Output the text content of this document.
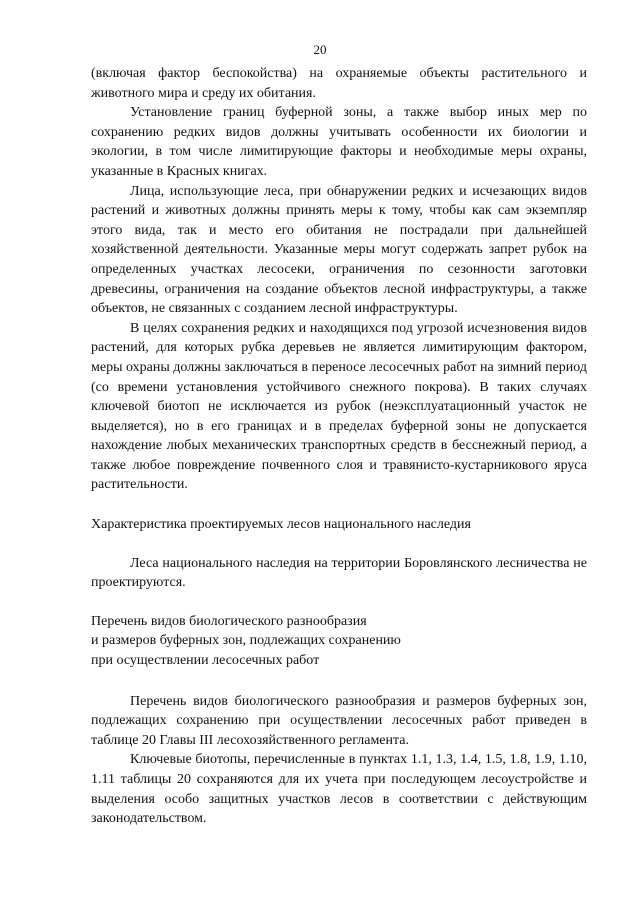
20

(включая фактор беспокойства) на охраняемые объекты растительного и животного мира и среду их обитания.

Установление границ буферной зоны, а также выбор иных мер по сохранению редких видов должны учитывать особенности их биологии и экологии, в том числе лимитирующие факторы и необходимые меры охраны, указанные в Красных книгах.

Лица, использующие леса, при обнаружении редких и исчезающих видов растений и животных должны принять меры к тому, чтобы как сам экземпляр этого вида, так и место его обитания не пострадали при дальнейшей хозяйственной деятельности. Указанные меры могут содержать запрет рубок на определенных участках лесосеки, ограничения по сезонности заготовки древесины, ограничения на создание объектов лесной инфраструктуры, а также объектов, не связанных с созданием лесной инфраструктуры.

В целях сохранения редких и находящихся под угрозой исчезновения видов растений, для которых рубка деревьев не является лимитирующим фактором, меры охраны должны заключаться в переносе лесосечных работ на зимний период (со времени установления устойчивого снежного покрова). В таких случаях ключевой биотоп не исключается из рубок (неэксплуатационный участок не выделяется), но в его границах и в пределах буферной зоны не допускается нахождение любых механических транспортных средств в бесснежный период, а также любое повреждение почвенного слоя и травянисто-кустарникового яруса растительности.

Характеристика проектируемых лесов национального наследия

Леса национального наследия на территории Боровлянского лесничества не проектируются.

Перечень видов биологического разнообразия

и размеров буферных зон, подлежащих сохранению

при осуществлении лесосечных работ

Перечень видов биологического разнообразия и размеров буферных зон, подлежащих сохранению при осуществлении лесосечных работ приведен в таблице 20 Главы III лесохозяйственного регламента.

Ключевые биотопы, перечисленные в пунктах 1.1, 1.3, 1.4, 1.5, 1.8, 1.9, 1.10, 1.11 таблицы 20 сохраняются для их учета при последующем лесоустройстве и выделения особо защитных участков лесов в соответствии с действующим законодательством.
